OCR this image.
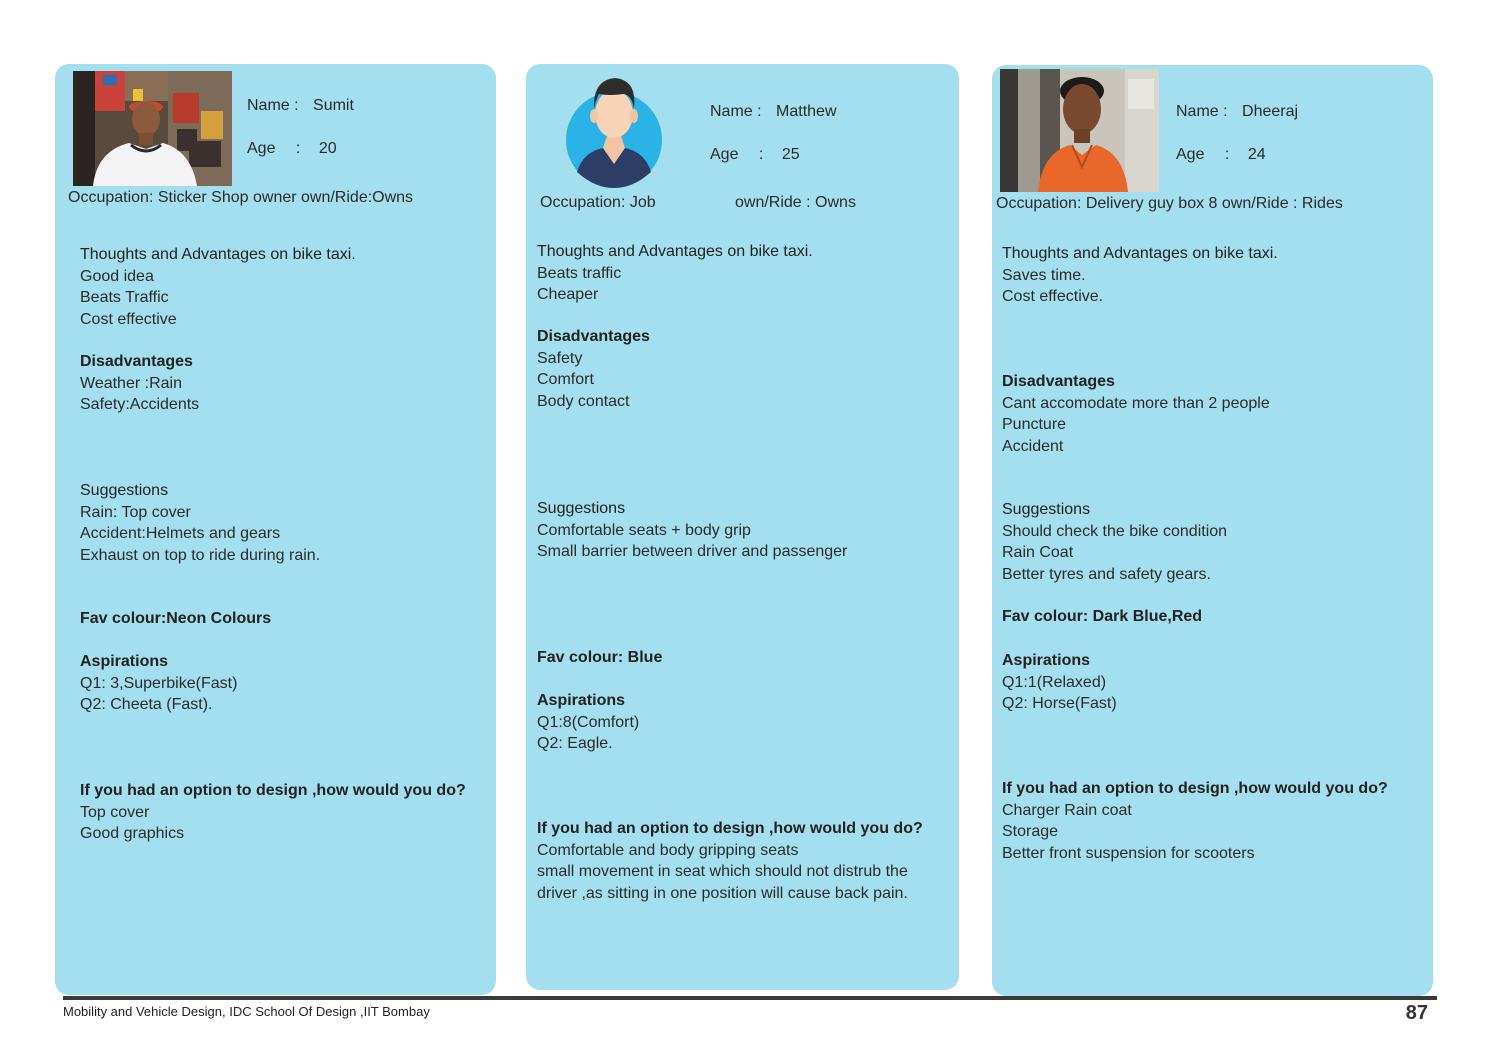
Name : Sumit
Age : 20
Occupation: Sticker Shop owner own/Ride:Owns
Thoughts and Advantages on bike taxi.
Good idea
Beats Traffic
Cost effective
Disadvantages
Weather :Rain
Safety:Accidents
Suggestions
Rain: Top cover
Accident:Helmets and gears
Exhaust on top to ride during rain.
Fav colour:Neon Colours
Aspirations
Q1: 3,Superbike(Fast)
Q2: Cheeta (Fast).
If you had an option to design ,how would you do?
Top cover
Good graphics
Name : Matthew
Age : 25
Occupation: Job	own/Ride : Owns
Thoughts and Advantages on bike taxi.
Beats traffic
Cheaper
Disadvantages
Safety
Comfort
Body contact
Suggestions
Comfortable seats + body grip
Small barrier between driver and passenger
Fav colour: Blue
Aspirations
Q1:8(Comfort)
Q2: Eagle.
If you had an option to design ,how would you do?
Comfortable and body gripping seats
small movement in seat which should not distrub the
driver ,as sitting in one position will cause back pain.
Name : Dheeraj
Age : 24
Occupation: Delivery guy box 8 own/Ride : Rides
Thoughts and Advantages on bike taxi.
Saves time.
Cost effective.
Disadvantages
Cant accomodate more than 2 people
Puncture
Accident
Suggestions
Should check the bike condition
Rain Coat
Better tyres and safety gears.
Fav colour: Dark Blue,Red
Aspirations
Q1:1(Relaxed)
Q2: Horse(Fast)
If you had an option to design ,how would you do?
Charger Rain coat
Storage
Better front suspension for scooters
Mobility and Vehicle Design, IDC School Of Design ,IIT Bombay	87
